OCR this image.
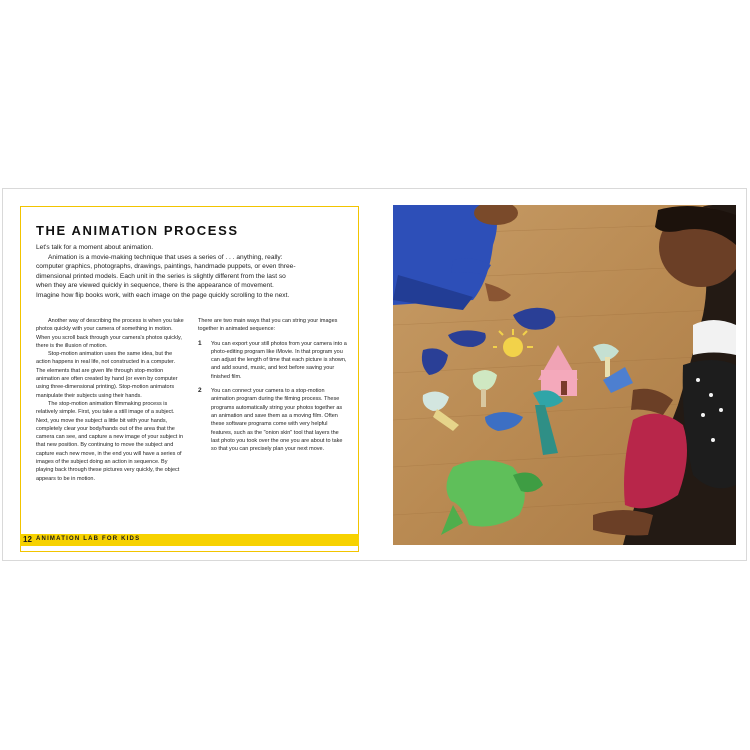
THE ANIMATION PROCESS

Let's talk for a moment about animation.

Animation is a movie-making technique that uses a series of . . . anything, really: computer graphics, photographs, drawings, paintings, handmade puppets, or even three-dimensional printed models. Each unit in the series is slightly different from the last so when they are viewed quickly in sequence, there is the appearance of movement. Imagine how flip books work, with each image on the page quickly scrolling to the next.

Another way of describing the process is when you take photos quickly with your camera of something in motion. When you scroll back through your camera's photos quickly, there is the illusion of motion.

Stop-motion animation uses the same idea, but the action happens in real life, not constructed in a computer. The elements that are given life through stop-motion animation are often created by hand (or even by computer using three-dimensional printing). Stop-motion animators manipulate their subjects using their hands.

The stop-motion animation filmmaking process is relatively simple. First, you take a still image of a subject. Next, you move the subject a little bit with your hands, completely clear your body/hands out of the area that the camera can see, and capture a new image of your subject in that new position. By continuing to move the subject and capture each new move, in the end you will have a series of images of the subject doing an action in sequence. By playing back through these pictures very quickly, the object appears to be in motion.

There are two main ways that you can string your images together in animated sequence:

1 You can export your still photos from your camera into a photo-editing program like iMovie. In that program you can adjust the length of time that each picture is shown, and add sound, music, and text before saving your finished film.

2 You can connect your camera to a stop-motion animation program during the filming process. These programs automatically string your photos together as an animation and save them as a moving film. Often these software programs come with very helpful features, such as the "onion skin" tool that layers the last photo you took over the one you are about to take so that you can precisely plan your next move.

12 ANIMATION LAB FOR KIDS
